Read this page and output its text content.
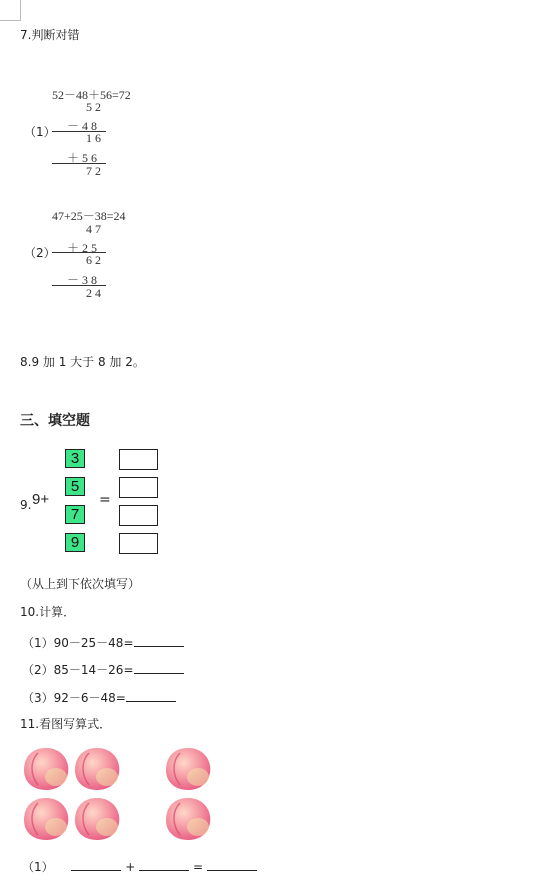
7.判断对错
52－48＋56=72
（1）
5 2
－ 4 8
1 6
＋ 5 6
7 2
47+25－38=24
（2）
4 7
＋ 2 5
6 2
－ 3 8
2 4
8.9 加 1 大于 8 加 2。
三、填空题
9. 9+
3
5
7
9
=
（从上到下依次填写）
10.计算．
（1）90－25－48=
（2）85－14－26=
（3）92－6－48=
11.看图写算式．
（1）	+	=
